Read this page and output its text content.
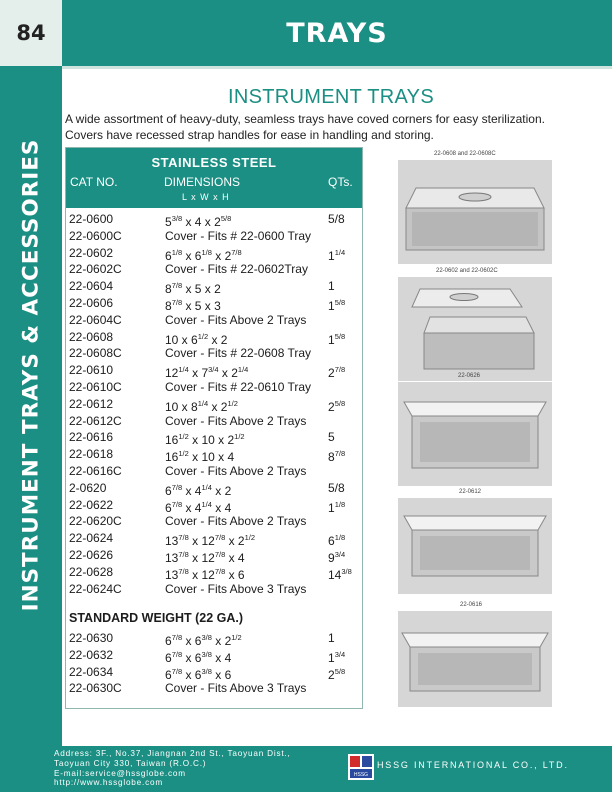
84	TRAYS
INSTRUMENT TRAYS & ACCESSORIES
INSTRUMENT TRAYS
A wide assortment of heavy-duty, seamless trays have coved corners for easy sterilization.
Covers have recessed strap handles for ease in handling and storing.
STAINLESS STEEL
CAT NO.	DIMENSIONS	QTs.
L x W x H
22-0600	$5^{3/8}$ x 4 x $2^{5/8}$	5/8
22-0600C	Cover - Fits # 22-0600 Tray
22-0602	$6^{1/8}$ x $6^{1/8}$ x $2^{7/8}$	$1^{1/4}$
22-0602C	Cover - Fits # 22-0602Tray
22-0604	$8^{7/8}$ x 5 x 2	1
22-0606	$8^{7/8}$ x 5 x 3	$1^{5/8}$
22-0604C	Cover - Fits Above 2 Trays
22-0608	10 x $6^{1/2}$ x 2	$1^{5/8}$
22-0608C	Cover - Fits # 22-0608 Tray
22-0610	$12^{1/4}$ x $7^{3/4}$ x $2^{1/4}$	$2^{7/8}$
22-0610C	Cover - Fits # 22-0610 Tray
22-0612	10 x $8^{1/4}$ x $2^{1/2}$	$2^{5/8}$
22-0612C	Cover - Fits Above 2 Trays
22-0616	$16^{1/2}$ x 10 x $2^{1/2}$	5
22-0618	$16^{1/2}$ x 10 x 4	$8^{7/8}$
22-0616C	Cover - Fits Above 2 Trays
2-0620	$6^{7/8}$ x $4^{1/4}$ x 2	5/8
22-0622	$6^{7/8}$ x $4^{1/4}$ x 4	$1^{1/8}$
22-0620C	Cover - Fits Above 2 Trays
22-0624	$13^{7/8}$ x $12^{7/8}$ x $2^{1/2}$	$6^{1/8}$
22-0626	$13^{7/8}$ x $12^{7/8}$ x 4	$9^{3/4}$
22-0628	$13^{7/8}$ x $12^{7/8}$ x 6	$14^{3/8}$
22-0624C	Cover - Fits Above 3 Trays
STANDARD WEIGHT (22 GA.)
22-0630	$6^{7/8}$ x $6^{3/8}$ x $2^{1/2}$	1
22-0632	$6^{7/8}$ x $6^{3/8}$ x 4	$1^{3/4}$
22-0634	$6^{7/8}$ x $6^{3/8}$ x 6	$2^{5/8}$
22-0630C	Cover - Fits Above 3 Trays
22-0608 and 22-0608C
22-0602 and 22-0602C
22-0626
22-0612
22-0616
Address: 3F., No.37, Jiangnan 2nd St., Taoyuan Dist.,
Taoyuan City 330, Taiwan (R.O.C.)
E-mail:service@hssglobe.com
http://www.hssglobe.com
HSSG
HSSG INTERNATIONAL CO., LTD.
